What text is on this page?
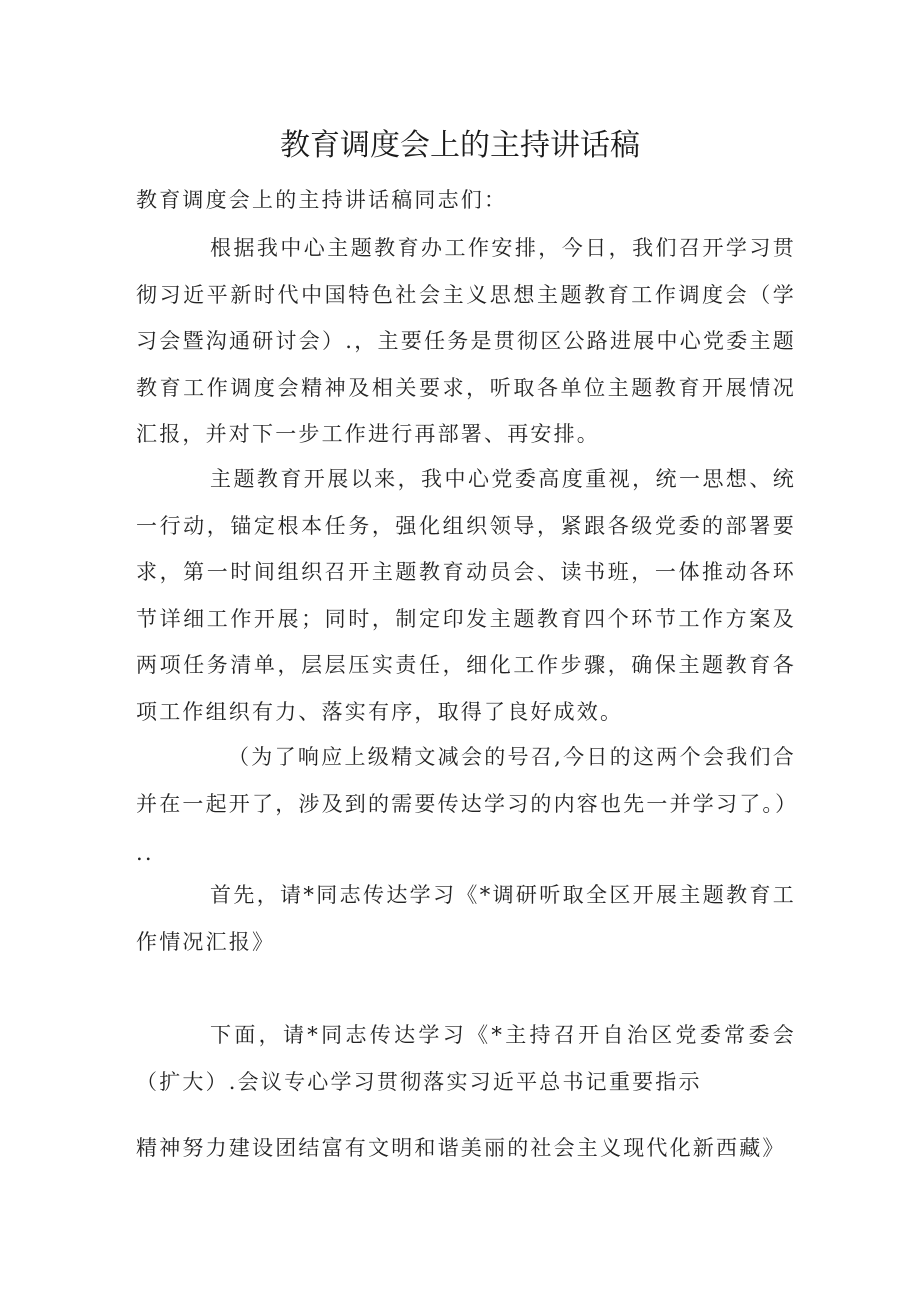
教育调度会上的主持讲话稿
教育调度会上的主持讲话稿同志们：

根据我中心主题教育办工作安排，今日，我们召开学习贯彻习近平新时代中国特色社会主义思想主题教育工作调度会（学习会暨沟通研讨会）.，主要任务是贯彻区公路进展中心党委主题教育工作调度会精神及相关要求，听取各单位主题教育开展情况汇报，并对下一步工作进行再部署、再安排。

主题教育开展以来，我中心党委高度重视，统一思想、统一行动，锚定根本任务，强化组织领导，紧跟各级党委的部署要求，第一时间组织召开主题教育动员会、读书班，一体推动各环节详细工作开展；同时，制定印发主题教育四个环节工作方案及两项任务清单，层层压实责任，细化工作步骤，确保主题教育各项工作组织有力、落实有序，取得了良好成效。

（为了响应上级精文减会的号召,今日的这两个会我们合并在一起开了，涉及到的需要传达学习的内容也先一并学习了。）

..

首先，请*同志传达学习《*调研听取全区开展主题教育工作情况汇报》

下面，请*同志传达学习《*主持召开自治区党委常委会（扩大）.会议专心学习贯彻落实习近平总书记重要指示

精神努力建设团结富有文明和谐美丽的社会主义现代化新西藏》
